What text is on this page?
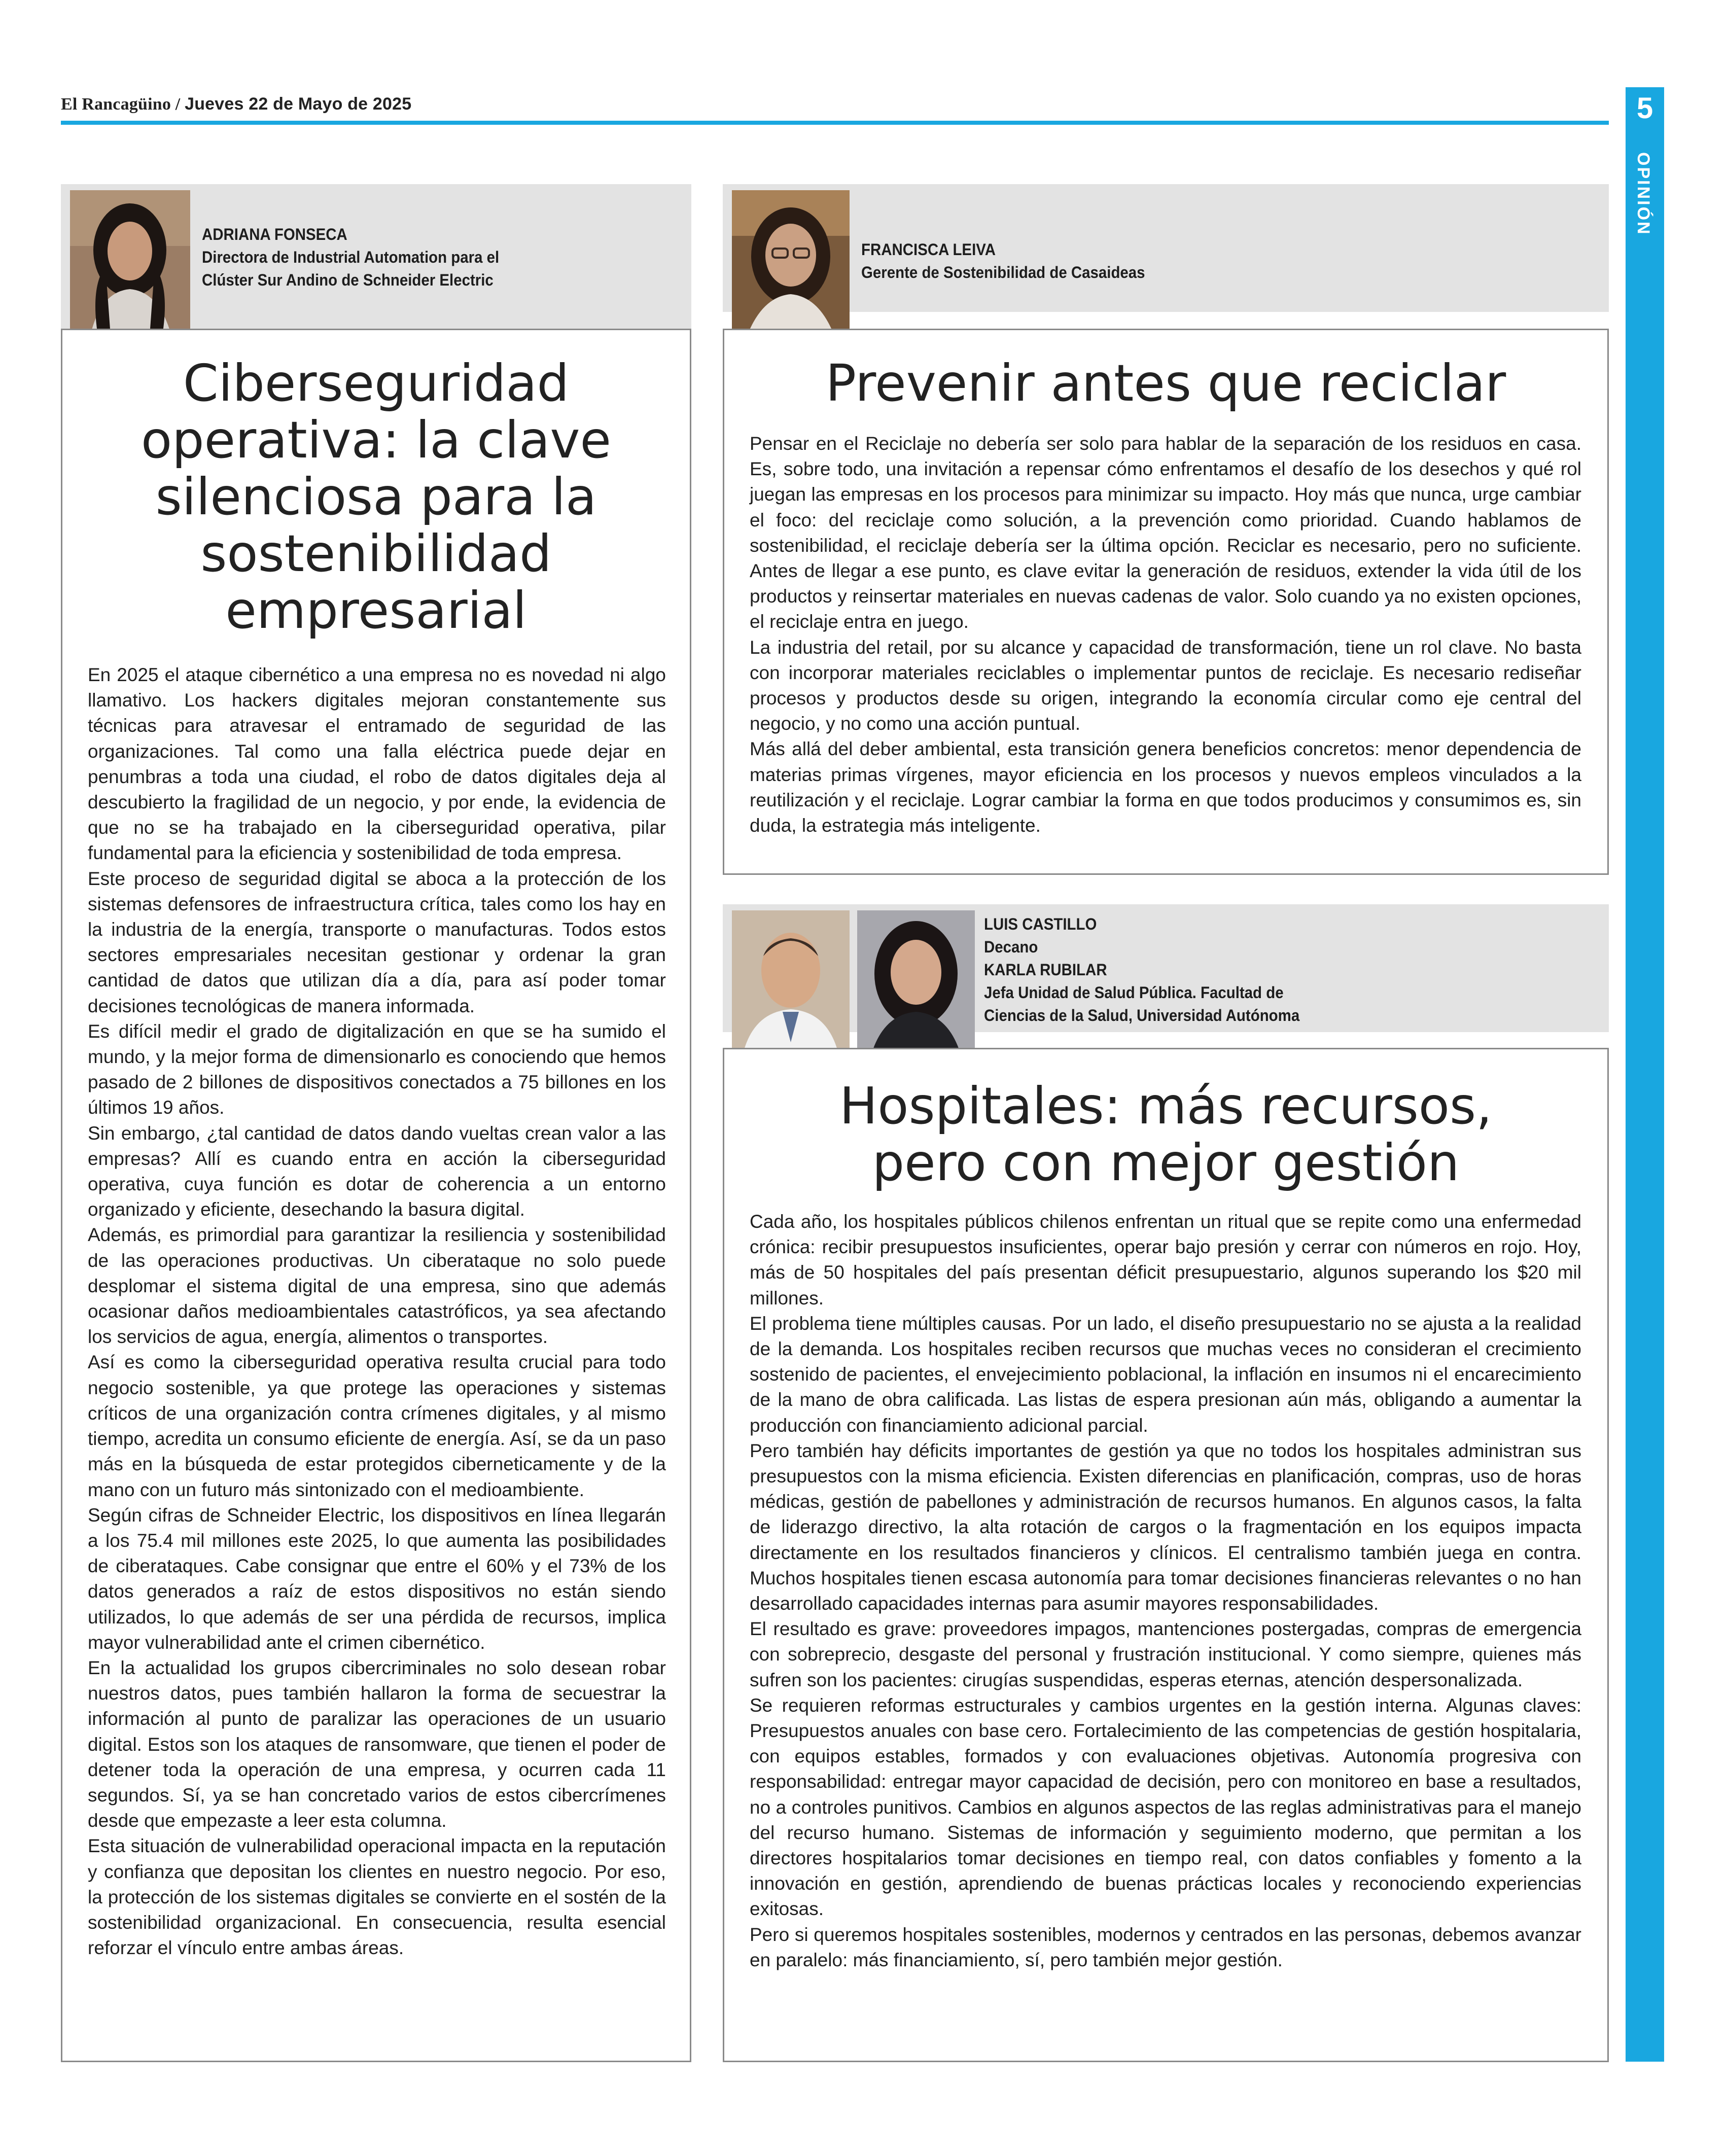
El Rancagüino / Jueves 22 de Mayo de 2025	5
OPINIÓN
ADRIANA FONSECA
Directora de Industrial Automation para el Clúster Sur Andino de Schneider Electric
Ciberseguridad operativa: la clave silenciosa para la sostenibilidad empresarial

En 2025 el ataque cibernético a una empresa no es novedad ni algo llamativo. Los hackers digitales mejoran constantemente sus técnicas para atravesar el entramado de seguridad de las organizaciones. Tal como una falla eléctrica puede dejar en penumbras a toda una ciudad, el robo de datos digitales deja al descubierto la fragilidad de un negocio, y por ende, la evidencia de que no se ha trabajado en la ciberseguridad operativa, pilar fundamental para la eficiencia y sostenibilidad de toda empresa.

Este proceso de seguridad digital se aboca a la protección de los sistemas defensores de infraestructura crítica, tales como los hay en la industria de la energía, transporte o manufacturas. Todos estos sectores empresariales necesitan gestionar y ordenar la gran cantidad de datos que utilizan día a día, para así poder tomar decisiones tecnológicas de manera informada.

Es difícil medir el grado de digitalización en que se ha sumido el mundo, y la mejor forma de dimensionarlo es conociendo que hemos pasado de 2 billones de dispositivos conectados a 75 billones en los últimos 19 años.

Sin embargo, ¿tal cantidad de datos dando vueltas crean valor a las empresas? Allí es cuando entra en acción la ciberseguridad operativa, cuya función es dotar de coherencia a un entorno organizado y eficiente, desechando la basura digital.

Además, es primordial para garantizar la resiliencia y sostenibilidad de las operaciones productivas. Un ciberataque no solo puede desplomar el sistema digital de una empresa, sino que además ocasionar daños medioambientales catastróficos, ya sea afectando los servicios de agua, energía, alimentos o transportes.

Así es como la ciberseguridad operativa resulta crucial para todo negocio sostenible, ya que protege las operaciones y sistemas críticos de una organización contra crímenes digitales, y al mismo tiempo, acredita un consumo eficiente de energía. Así, se da un paso más en la búsqueda de estar protegidos ciberneticamente y de la mano con un futuro más sintonizado con el medioambiente.

Según cifras de Schneider Electric, los dispositivos en línea llegarán a los 75.4 mil millones este 2025, lo que aumenta las posibilidades de ciberataques. Cabe consignar que entre el 60% y el 73% de los datos generados a raíz de estos dispositivos no están siendo utilizados, lo que además de ser una pérdida de recursos, implica mayor vulnerabilidad ante el crimen cibernético.

En la actualidad los grupos cibercriminales no solo desean robar nuestros datos, pues también hallaron la forma de secuestrar la información al punto de paralizar las operaciones de un usuario digital. Estos son los ataques de ransomware, que tienen el poder de detener toda la operación de una empresa, y ocurren cada 11 segundos. Sí, ya se han concretado varios de estos cibercrímenes desde que empezaste a leer esta columna.

Esta situación de vulnerabilidad operacional impacta en la reputación y confianza que depositan los clientes en nuestro negocio. Por eso, la protección de los sistemas digitales se convierte en el sostén de la sostenibilidad organizacional. En consecuencia, resulta esencial reforzar el vínculo entre ambas áreas.

FRANCISCA LEIVA
Gerente de Sostenibilidad de Casaideas
Prevenir antes que reciclar

Pensar en el Reciclaje no debería ser solo para hablar de la separación de los residuos en casa. Es, sobre todo, una invitación a repensar cómo enfrentamos el desafío de los desechos y qué rol juegan las empresas en los procesos para minimizar su impacto. Hoy más que nunca, urge cambiar el foco: del reciclaje como solución, a la prevención como prioridad. Cuando hablamos de sostenibilidad, el reciclaje debería ser la última opción. Reciclar es necesario, pero no suficiente. Antes de llegar a ese punto, es clave evitar la generación de residuos, extender la vida útil de los productos y reinsertar materiales en nuevas cadenas de valor. Solo cuando ya no existen opciones, el reciclaje entra en juego.

La industria del retail, por su alcance y capacidad de transformación, tiene un rol clave. No basta con incorporar materiales reciclables o implementar puntos de reciclaje. Es necesario rediseñar procesos y productos desde su origen, integrando la economía circular como eje central del negocio, y no como una acción puntual.

Más allá del deber ambiental, esta transición genera beneficios concretos: menor dependencia de materias primas vírgenes, mayor eficiencia en los procesos y nuevos empleos vinculados a la reutilización y el reciclaje. Lograr cambiar la forma en que todos producimos y consumimos es, sin duda, la estrategia más inteligente.

LUIS CASTILLO
Decano
KARLA RUBILAR
Jefa Unidad de Salud Pública. Facultad de Ciencias de la Salud, Universidad Autónoma
Hospitales: más recursos, pero con mejor gestión

Cada año, los hospitales públicos chilenos enfrentan un ritual que se repite como una enfermedad crónica: recibir presupuestos insuficientes, operar bajo presión y cerrar con números en rojo. Hoy, más de 50 hospitales del país presentan déficit presupuestario, algunos superando los $20 mil millones.

El problema tiene múltiples causas. Por un lado, el diseño presupuestario no se ajusta a la realidad de la demanda. Los hospitales reciben recursos que muchas veces no consideran el crecimiento sostenido de pacientes, el envejecimiento poblacional, la inflación en insumos ni el encarecimiento de la mano de obra calificada. Las listas de espera presionan aún más, obligando a aumentar la producción con financiamiento adicional parcial.

Pero también hay déficits importantes de gestión ya que no todos los hospitales administran sus presupuestos con la misma eficiencia. Existen diferencias en planificación, compras, uso de horas médicas, gestión de pabellones y administración de recursos humanos. En algunos casos, la falta de liderazgo directivo, la alta rotación de cargos o la fragmentación en los equipos impacta directamente en los resultados financieros y clínicos. El centralismo también juega en contra. Muchos hospitales tienen escasa autonomía para tomar decisiones financieras relevantes o no han desarrollado capacidades internas para asumir mayores responsabilidades.

El resultado es grave: proveedores impagos, mantenciones postergadas, compras de emergencia con sobreprecio, desgaste del personal y frustración institucional. Y como siempre, quienes más sufren son los pacientes: cirugías suspendidas, esperas eternas, atención despersonalizada.

Se requieren reformas estructurales y cambios urgentes en la gestión interna. Algunas claves: Presupuestos anuales con base cero. Fortalecimiento de las competencias de gestión hospitalaria, con equipos estables, formados y con evaluaciones objetivas. Autonomía progresiva con responsabilidad: entregar mayor capacidad de decisión, pero con monitoreo en base a resultados, no a controles punitivos. Cambios en algunos aspectos de las reglas administrativas para el manejo del recurso humano. Sistemas de información y seguimiento moderno, que permitan a los directores hospitalarios tomar decisiones en tiempo real, con datos confiables y fomento a la innovación en gestión, aprendiendo de buenas prácticas locales y reconociendo experiencias exitosas.

Pero si queremos hospitales sostenibles, modernos y centrados en las personas, debemos avanzar en paralelo: más financiamiento, sí, pero también mejor gestión.
